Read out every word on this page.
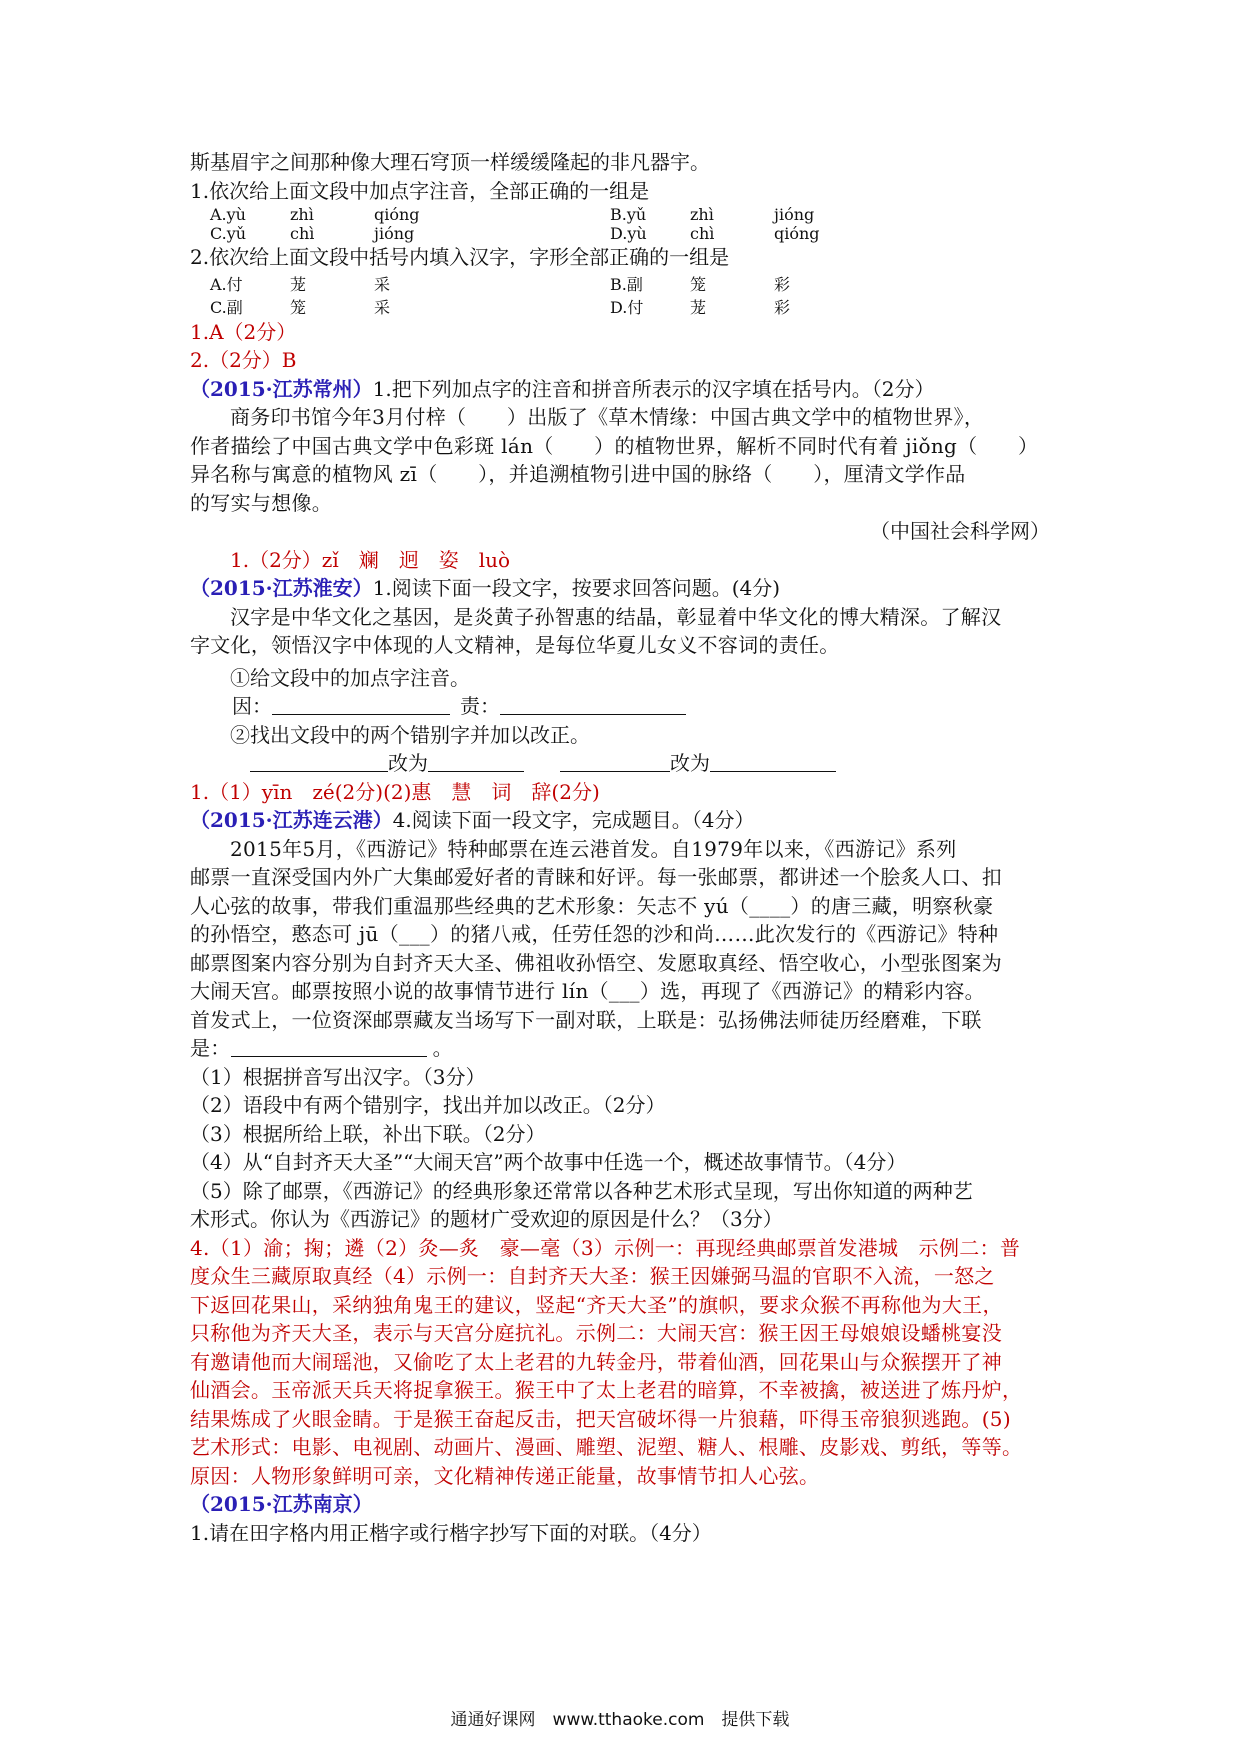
斯基眉宇之间那种像大理石穹顶一样缓缓隆起的非凡器宇。
1.依次给上面文段中加点字注音，全部正确的一组是
A.yù	zhì	qióng	B.yǔ	zhì	jióng
C.yǔ	chì	jióng	D.yù	chì	qióng
2.依次给上面文段中括号内填入汉字，字形全部正确的一组是
A.付	茏	采	B.副	笼	彩
C.副	笼	采	D.付	茏	彩
1.A（2分）
2.（2分）B
（2015·江苏常州）1.把下列加点字的注音和拼音所表示的汉字填在括号内。（2分）
商务印书馆今年3月付梓（　　）出版了《草木情缘：中国古典文学中的植物世界》，
作者描绘了中国古典文学中色彩斑 lán（　　）的植物世界，解析不同时代有着 jiǒng（　　）
异名称与寓意的植物风 zī（　　），并追溯植物引进中国的脉络（　　），厘清文学作品
的写实与想像。
（中国社会科学网）
1.（2分）zǐ　斓　迥　姿　luò
（2015·江苏淮安）1.阅读下面一段文字，按要求回答问题。(4分)
汉字是中华文化之基因，是炎黄子孙智惠的结晶，彰显着中华文化的博大精深。了解汉
字文化，领悟汉字中体现的人文精神，是每位华夏儿女义不容词的责任。
①给文段中的加点字注音。
因：	责：
②找出文段中的两个错别字并加以改正。
改为	改为
1.（1）yīn　zé(2分)(2)惠　慧　词　辞(2分)
（2015·江苏连云港）4.阅读下面一段文字，完成题目。（4分）
2015年5月，《西游记》特种邮票在连云港首发。自1979年以来，《西游记》系列
邮票一直深受国内外广大集邮爱好者的青睐和好评。每一张邮票，都讲述一个脍炙人口、扣
人心弦的故事，带我们重温那些经典的艺术形象：矢志不 yú（____）的唐三藏，明察秋豪
的孙悟空，憨态可 jū（___）的猪八戒，任劳任怨的沙和尚……此次发行的《西游记》特种
邮票图案内容分别为自封齐天大圣、佛祖收孙悟空、发愿取真经、悟空收心，小型张图案为
大闹天宫。邮票按照小说的故事情节进行 lín（___）选，再现了《西游记》的精彩内容。
首发式上，一位资深邮票藏友当场写下一副对联，上联是：弘扬佛法师徒历经磨难，下联
是：	。
（1）根据拼音写出汉字。（3分）
（2）语段中有两个错别字，找出并加以改正。（2分）
（3）根据所给上联，补出下联。（2分）
（4）从“自封齐天大圣”“大闹天宫”两个故事中任选一个，概述故事情节。（4分）
（5）除了邮票，《西游记》的经典形象还常常以各种艺术形式呈现，写出你知道的两种艺
术形式。你认为《西游记》的题材广受欢迎的原因是什么？（3分）
4.（1）渝；掬；遴（2）灸—炙　豪—毫（3）示例一：再现经典邮票首发港城　示例二：普
度众生三藏原取真经（4）示例一：自封齐天大圣：猴王因嫌弼马温的官职不入流，一怒之
下返回花果山，采纳独角鬼王的建议，竖起“齐天大圣”的旗帜，要求众猴不再称他为大王，
只称他为齐天大圣，表示与天宫分庭抗礼。示例二：大闹天宫：猴王因王母娘娘设蟠桃宴没
有邀请他而大闹瑶池，又偷吃了太上老君的九转金丹，带着仙酒，回花果山与众猴摆开了神
仙酒会。玉帝派天兵天将捉拿猴王。猴王中了太上老君的暗算，不幸被擒，被送进了炼丹炉，
结果炼成了火眼金睛。于是猴王奋起反击，把天宫破坏得一片狼藉，吓得玉帝狼狈逃跑。(5)
艺术形式：电影、电视剧、动画片、漫画、雕塑、泥塑、糖人、根雕、皮影戏、剪纸，等等。
原因：人物形象鲜明可亲，文化精神传递正能量，故事情节扣人心弦。
（2015·江苏南京）
1.请在田字格内用正楷字或行楷字抄写下面的对联。（4分）
通通好课网　www.tthaoke.com　提供下载
